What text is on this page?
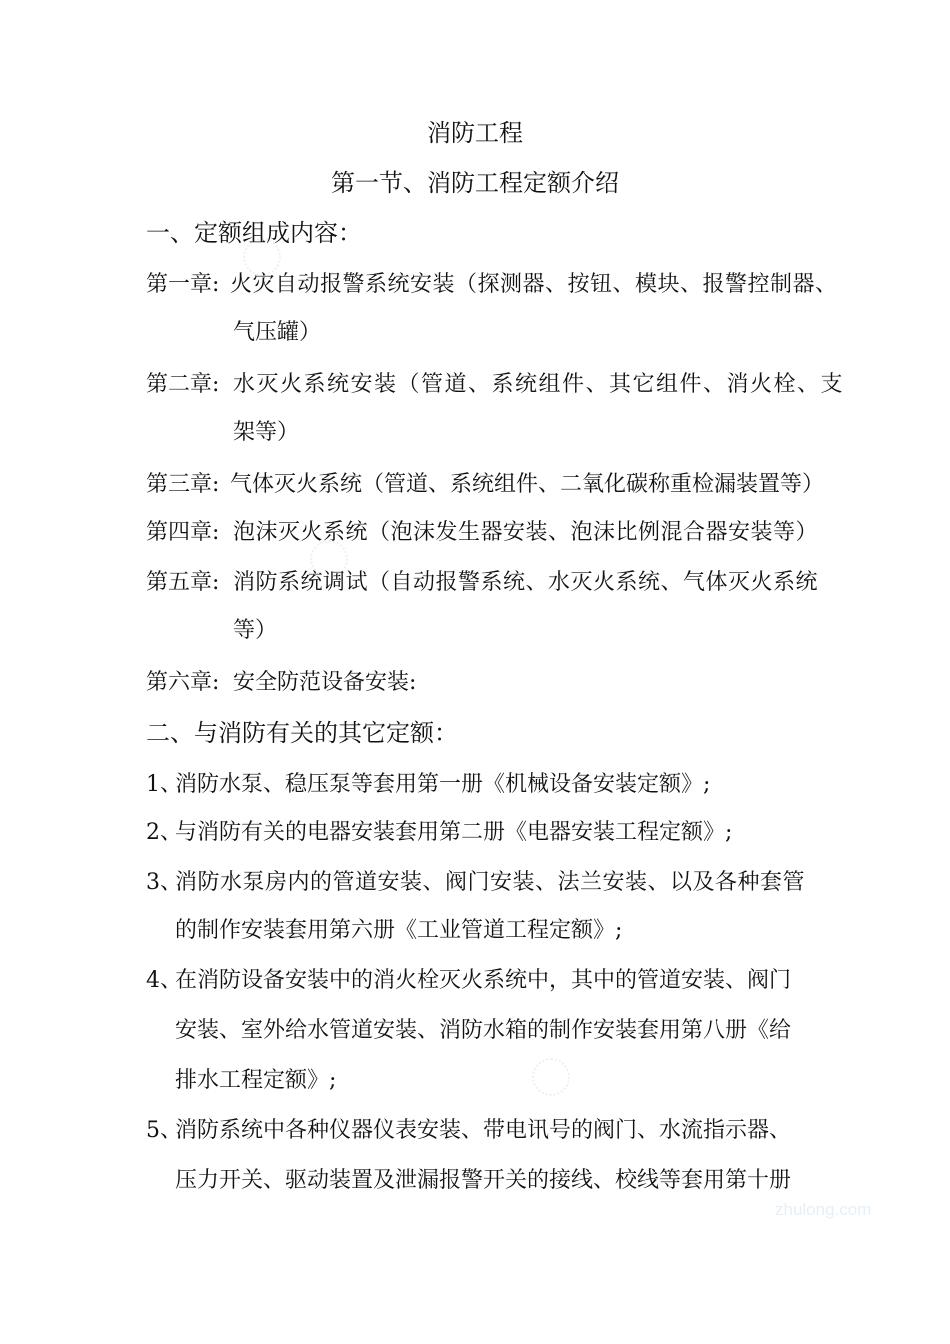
消防工程
第一节、消防工程定额介绍
一、定额组成内容：
第一章: 火灾自动报警系统安装（探测器、按钮、模块、报警控制器、
气压罐）
第二章: 水灭火系统安装（管道、系统组件、其它组件、消火栓、支
架等）
第三章: 气体灭火系统（管道、系统组件、二氧化碳称重检漏装置等）
第四章: 泡沫灭火系统（泡沫发生器安装、泡沫比例混合器安装等）
第五章: 消防系统调试（自动报警系统、水灭火系统、气体灭火系统
等）
第六章: 安全防范设备安装:
二、与消防有关的其它定额：
1、
消防水泵、稳压泵等套用第一册《机械设备安装定额》;
2、
与消防有关的电器安装套用第二册《电器安装工程定额》;
3、
消防水泵房内的管道安装、阀门安装、法兰安装、以及各种套管
的制作安装套用第六册《工业管道工程定额》;
4、
在消防设备安装中的消火栓灭火系统中，其中的管道安装、阀门
安装、室外给水管道安装、消防水箱的制作安装套用第八册《给
排水工程定额》;
5、
消防系统中各种仪器仪表安装、带电讯号的阀门、水流指示器、
压力开关、驱动装置及泄漏报警开关的接线、校线等套用第十册
zhulong.com
